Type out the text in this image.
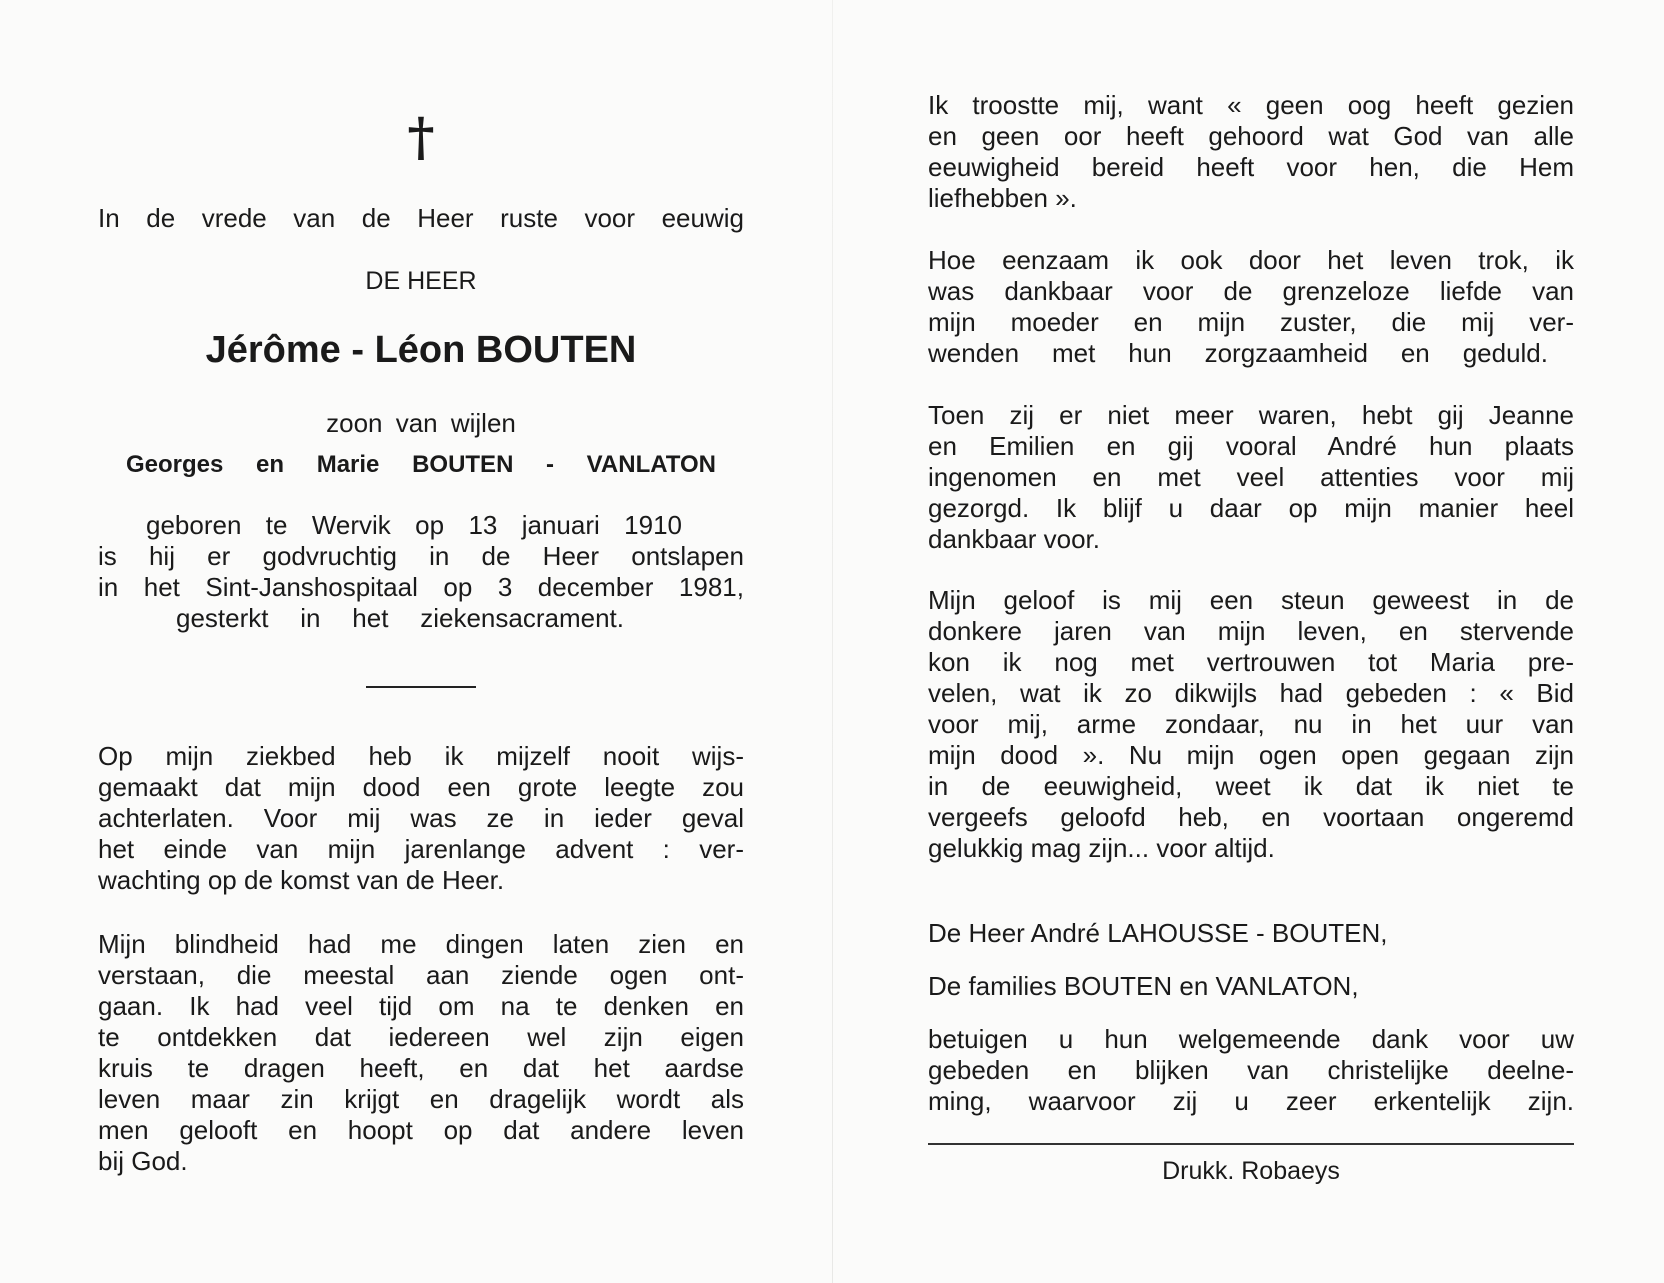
†
In de vrede van de Heer ruste voor eeuwig
DE HEER
Jérôme - Léon BOUTEN
zoon van wijlen
Georges en Marie BOUTEN - VANLATON
geboren te Wervik op 13 januari 1910
is hij er godvruchtig in de Heer ontslapen
in het Sint-Janshospitaal op 3 december 1981,
gesterkt in het ziekensacrament.
Op mijn ziekbed heb ik mijzelf nooit wijs-
gemaakt dat mijn dood een grote leegte zou
achterlaten. Voor mij was ze in ieder geval
het einde van mijn jarenlange advent : ver-
wachting op de komst van de Heer.
Mijn blindheid had me dingen laten zien en
verstaan, die meestal aan ziende ogen ont-
gaan. Ik had veel tijd om na te denken en
te ontdekken dat iedereen wel zijn eigen
kruis te dragen heeft, en dat het aardse
leven maar zin krijgt en dragelijk wordt als
men gelooft en hoopt op dat andere leven
bij God.
Ik troostte mij, want « geen oog heeft gezien
en geen oor heeft gehoord wat God van alle
eeuwigheid bereid heeft voor hen, die Hem
liefhebben ».
Hoe eenzaam ik ook door het leven trok, ik
was dankbaar voor de grenzeloze liefde van
mijn moeder en mijn zuster, die mij ver-
wenden met hun zorgzaamheid en geduld.
Toen zij er niet meer waren, hebt gij Jeanne
en Emilien en gij vooral André hun plaats
ingenomen en met veel attenties voor mij
gezorgd. Ik blijf u daar op mijn manier heel
dankbaar voor.
Mijn geloof is mij een steun geweest in de
donkere jaren van mijn leven, en stervende
kon ik nog met vertrouwen tot Maria pre-
velen, wat ik zo dikwijls had gebeden : « Bid
voor mij, arme zondaar, nu in het uur van
mijn dood ». Nu mijn ogen open gegaan zijn
in de eeuwigheid, weet ik dat ik niet te
vergeefs geloofd heb, en voortaan ongeremd
gelukkig mag zijn... voor altijd.
De Heer André LAHOUSSE - BOUTEN,
De families BOUTEN en VANLATON,
betuigen u hun welgemeende dank voor uw
gebeden en blijken van christelijke deelne-
ming, waarvoor zij u zeer erkentelijk zijn.
Drukk. Robaeys
